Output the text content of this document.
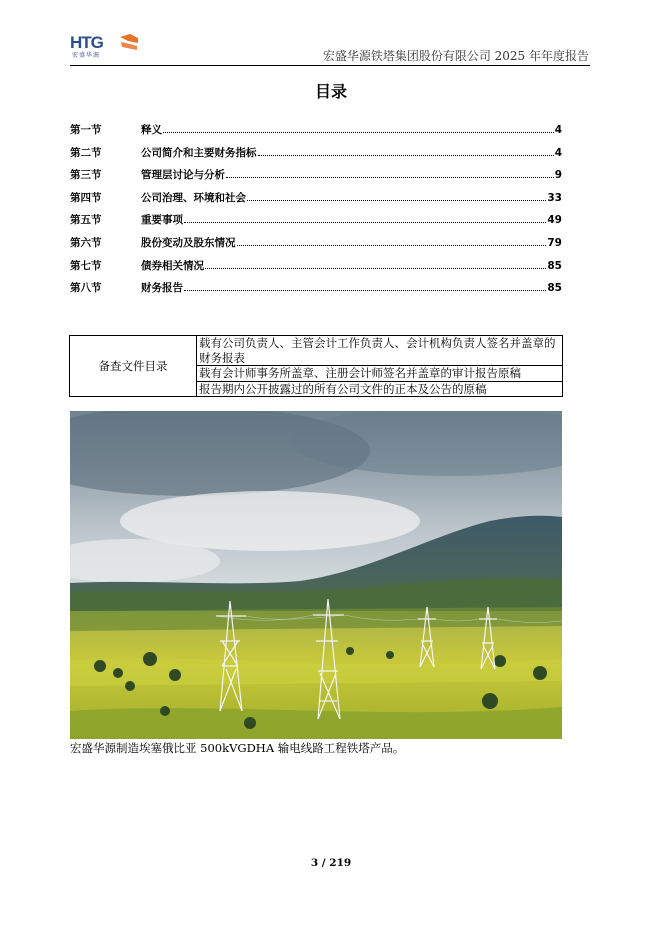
HTG
宏盛华源	宏盛华源铁塔集团股份有限公司 2025 年年度报告
目录
第一节	释义	4
第二节	公司简介和主要财务指标	4
第三节	管理层讨论与分析	9
第四节	公司治理、环境和社会	33
第五节	重要事项	49
第六节	股份变动及股东情况	79
第七节	债券相关情况	85
第八节	财务报告	85
备查文件目录	载有公司负责人、主管会计工作负责人、会计机构负责人签名并盖章的财务报表
载有会计师事务所盖章、注册会计师签名并盖章的审计报告原稿
报告期内公开披露过的所有公司文件的正本及公告的原稿
宏盛华源制造埃塞俄比亚 500kVGDHA 输电线路工程铁塔产品。
3 / 219
